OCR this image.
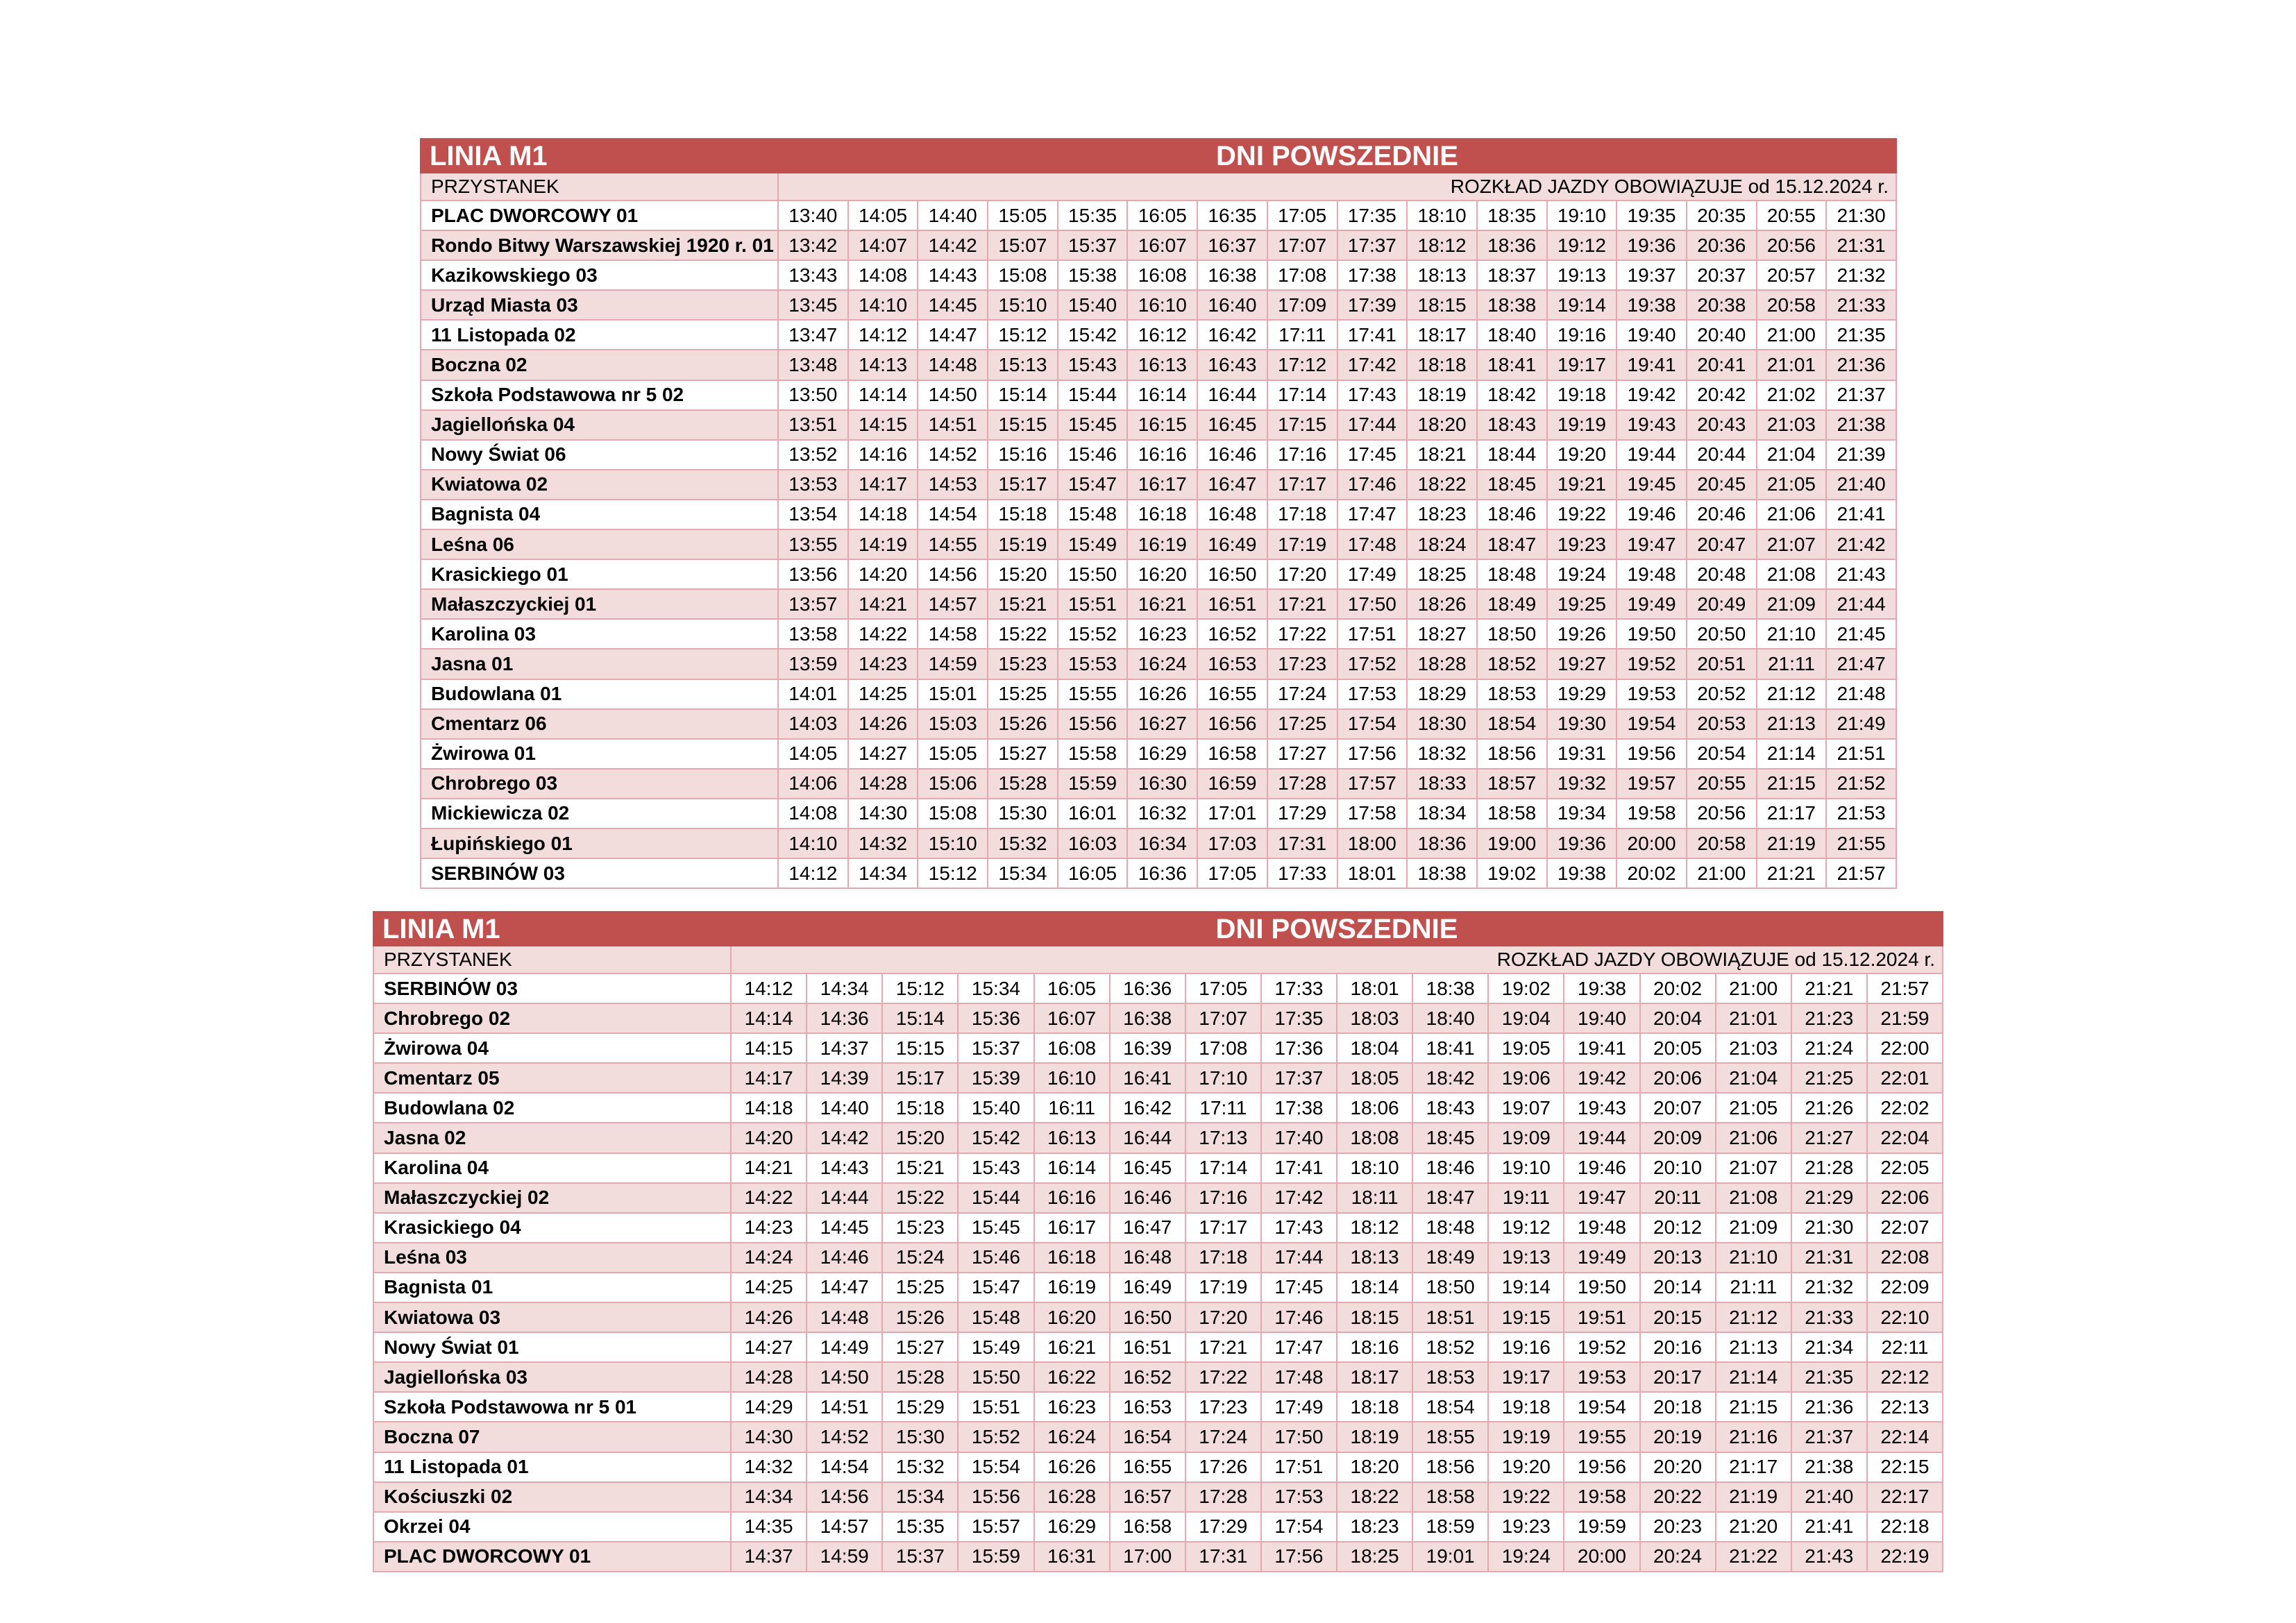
LINIA M1	DNI POWSZEDNIE															
PRZYSTANEK	ROZKŁAD JAZDY OBOWIĄZUJE od 15.12.2024 r.															
PLAC DWORCOWY 01	13:40	14:05	14:40	15:05	15:35	16:05	16:35	17:05	17:35	18:10	18:35	19:10	19:35	20:35	20:55	21:30
Rondo Bitwy Warszawskiej 1920 r. 01	13:42	14:07	14:42	15:07	15:37	16:07	16:37	17:07	17:37	18:12	18:36	19:12	19:36	20:36	20:56	21:31
Kazikowskiego 03	13:43	14:08	14:43	15:08	15:38	16:08	16:38	17:08	17:38	18:13	18:37	19:13	19:37	20:37	20:57	21:32
Urząd Miasta 03	13:45	14:10	14:45	15:10	15:40	16:10	16:40	17:09	17:39	18:15	18:38	19:14	19:38	20:38	20:58	21:33
11 Listopada 02	13:47	14:12	14:47	15:12	15:42	16:12	16:42	17:11	17:41	18:17	18:40	19:16	19:40	20:40	21:00	21:35
Boczna 02	13:48	14:13	14:48	15:13	15:43	16:13	16:43	17:12	17:42	18:18	18:41	19:17	19:41	20:41	21:01	21:36
Szkoła Podstawowa nr 5 02	13:50	14:14	14:50	15:14	15:44	16:14	16:44	17:14	17:43	18:19	18:42	19:18	19:42	20:42	21:02	21:37
Jagiellońska 04	13:51	14:15	14:51	15:15	15:45	16:15	16:45	17:15	17:44	18:20	18:43	19:19	19:43	20:43	21:03	21:38
Nowy Świat 06	13:52	14:16	14:52	15:16	15:46	16:16	16:46	17:16	17:45	18:21	18:44	19:20	19:44	20:44	21:04	21:39
Kwiatowa 02	13:53	14:17	14:53	15:17	15:47	16:17	16:47	17:17	17:46	18:22	18:45	19:21	19:45	20:45	21:05	21:40
Bagnista 04	13:54	14:18	14:54	15:18	15:48	16:18	16:48	17:18	17:47	18:23	18:46	19:22	19:46	20:46	21:06	21:41
Leśna 06	13:55	14:19	14:55	15:19	15:49	16:19	16:49	17:19	17:48	18:24	18:47	19:23	19:47	20:47	21:07	21:42
Krasickiego 01	13:56	14:20	14:56	15:20	15:50	16:20	16:50	17:20	17:49	18:25	18:48	19:24	19:48	20:48	21:08	21:43
Małaszczyckiej 01	13:57	14:21	14:57	15:21	15:51	16:21	16:51	17:21	17:50	18:26	18:49	19:25	19:49	20:49	21:09	21:44
Karolina 03	13:58	14:22	14:58	15:22	15:52	16:23	16:52	17:22	17:51	18:27	18:50	19:26	19:50	20:50	21:10	21:45
Jasna 01	13:59	14:23	14:59	15:23	15:53	16:24	16:53	17:23	17:52	18:28	18:52	19:27	19:52	20:51	21:11	21:47
Budowlana 01	14:01	14:25	15:01	15:25	15:55	16:26	16:55	17:24	17:53	18:29	18:53	19:29	19:53	20:52	21:12	21:48
Cmentarz 06	14:03	14:26	15:03	15:26	15:56	16:27	16:56	17:25	17:54	18:30	18:54	19:30	19:54	20:53	21:13	21:49
Żwirowa 01	14:05	14:27	15:05	15:27	15:58	16:29	16:58	17:27	17:56	18:32	18:56	19:31	19:56	20:54	21:14	21:51
Chrobrego 03	14:06	14:28	15:06	15:28	15:59	16:30	16:59	17:28	17:57	18:33	18:57	19:32	19:57	20:55	21:15	21:52
Mickiewicza 02	14:08	14:30	15:08	15:30	16:01	16:32	17:01	17:29	17:58	18:34	18:58	19:34	19:58	20:56	21:17	21:53
Łupińskiego 01	14:10	14:32	15:10	15:32	16:03	16:34	17:03	17:31	18:00	18:36	19:00	19:36	20:00	20:58	21:19	21:55
SERBINÓW 03	14:12	14:34	15:12	15:34	16:05	16:36	17:05	17:33	18:01	18:38	19:02	19:38	20:02	21:00	21:21	21:57
LINIA M1	DNI POWSZEDNIE															
PRZYSTANEK	ROZKŁAD JAZDY OBOWIĄZUJE od 15.12.2024 r.															
SERBINÓW 03	14:12	14:34	15:12	15:34	16:05	16:36	17:05	17:33	18:01	18:38	19:02	19:38	20:02	21:00	21:21	21:57
Chrobrego 02	14:14	14:36	15:14	15:36	16:07	16:38	17:07	17:35	18:03	18:40	19:04	19:40	20:04	21:01	21:23	21:59
Żwirowa 04	14:15	14:37	15:15	15:37	16:08	16:39	17:08	17:36	18:04	18:41	19:05	19:41	20:05	21:03	21:24	22:00
Cmentarz 05	14:17	14:39	15:17	15:39	16:10	16:41	17:10	17:37	18:05	18:42	19:06	19:42	20:06	21:04	21:25	22:01
Budowlana 02	14:18	14:40	15:18	15:40	16:11	16:42	17:11	17:38	18:06	18:43	19:07	19:43	20:07	21:05	21:26	22:02
Jasna 02	14:20	14:42	15:20	15:42	16:13	16:44	17:13	17:40	18:08	18:45	19:09	19:44	20:09	21:06	21:27	22:04
Karolina 04	14:21	14:43	15:21	15:43	16:14	16:45	17:14	17:41	18:10	18:46	19:10	19:46	20:10	21:07	21:28	22:05
Małaszczyckiej 02	14:22	14:44	15:22	15:44	16:16	16:46	17:16	17:42	18:11	18:47	19:11	19:47	20:11	21:08	21:29	22:06
Krasickiego 04	14:23	14:45	15:23	15:45	16:17	16:47	17:17	17:43	18:12	18:48	19:12	19:48	20:12	21:09	21:30	22:07
Leśna 03	14:24	14:46	15:24	15:46	16:18	16:48	17:18	17:44	18:13	18:49	19:13	19:49	20:13	21:10	21:31	22:08
Bagnista 01	14:25	14:47	15:25	15:47	16:19	16:49	17:19	17:45	18:14	18:50	19:14	19:50	20:14	21:11	21:32	22:09
Kwiatowa 03	14:26	14:48	15:26	15:48	16:20	16:50	17:20	17:46	18:15	18:51	19:15	19:51	20:15	21:12	21:33	22:10
Nowy Świat 01	14:27	14:49	15:27	15:49	16:21	16:51	17:21	17:47	18:16	18:52	19:16	19:52	20:16	21:13	21:34	22:11
Jagiellońska 03	14:28	14:50	15:28	15:50	16:22	16:52	17:22	17:48	18:17	18:53	19:17	19:53	20:17	21:14	21:35	22:12
Szkoła Podstawowa nr 5 01	14:29	14:51	15:29	15:51	16:23	16:53	17:23	17:49	18:18	18:54	19:18	19:54	20:18	21:15	21:36	22:13
Boczna 07	14:30	14:52	15:30	15:52	16:24	16:54	17:24	17:50	18:19	18:55	19:19	19:55	20:19	21:16	21:37	22:14
11 Listopada 01	14:32	14:54	15:32	15:54	16:26	16:55	17:26	17:51	18:20	18:56	19:20	19:56	20:20	21:17	21:38	22:15
Kościuszki 02	14:34	14:56	15:34	15:56	16:28	16:57	17:28	17:53	18:22	18:58	19:22	19:58	20:22	21:19	21:40	22:17
Okrzei 04	14:35	14:57	15:35	15:57	16:29	16:58	17:29	17:54	18:23	18:59	19:23	19:59	20:23	21:20	21:41	22:18
PLAC DWORCOWY 01	14:37	14:59	15:37	15:59	16:31	17:00	17:31	17:56	18:25	19:01	19:24	20:00	20:24	21:22	21:43	22:19
